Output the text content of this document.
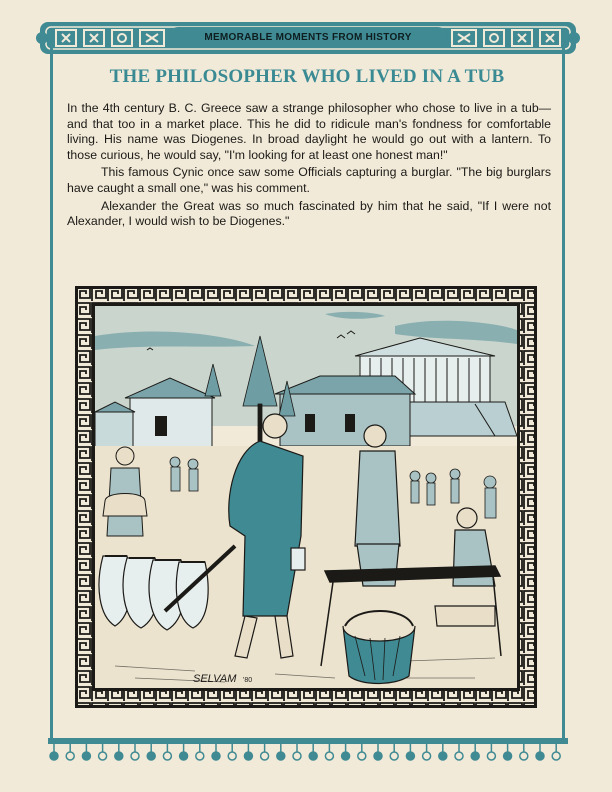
MEMORABLE MOMENTS FROM HISTORY
THE PHILOSOPHER WHO LIVED IN A TUB

In the 4th century B. C. Greece saw a strange philosopher who chose to live in a tub—and that too in a market place. This he did to ridicule man's fondness for comfortable living. His name was Diogenes. In broad daylight he would go out with a lantern. To those curious, he would say, "I'm looking for at least one honest man!"

This famous Cynic once saw some Officials capturing a burglar. "The big burglars have caught a small one," was his comment.

Alexander the Great was so much fascinated by him that he said, "If I were not Alexander, I would wish to be Diogenes."

SELVAM '80
